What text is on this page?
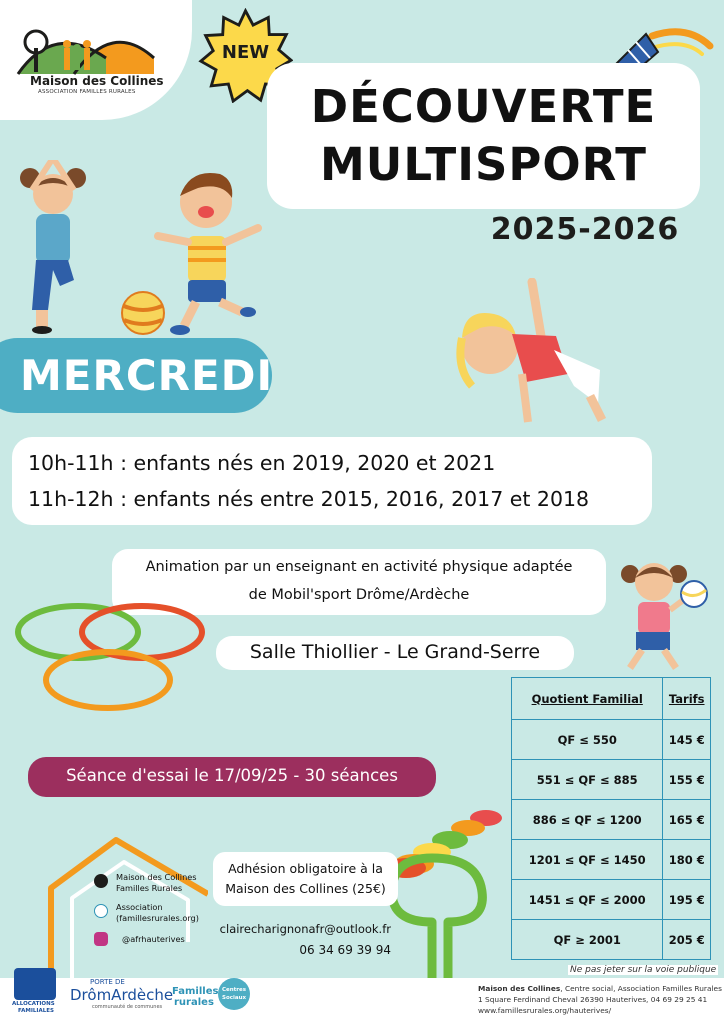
Maison des Collines
ASSOCIATION FAMILLES RURALES
NEW
DÉCOUVERTE
MULTISPORT
2025-2026
MERCREDI
10h-11h : enfants nés en 2019, 2020 et 2021
11h-12h : enfants nés entre 2015, 2016, 2017 et 2018
Animation par un enseignant en activité physique adaptée
de Mobil'sport Drôme/Ardèche
Salle Thiollier - Le Grand-Serre
Séance d'essai le 17/09/25 - 30 séances
Quotient Familial	Tarifs
QF ≤ 550	145 €
551 ≤ QF ≤ 885	155 €
886 ≤ QF ≤ 1200	165 €
1201 ≤ QF ≤ 1450	180 €
1451 ≤ QF ≤ 2000	195 €
QF ≥ 2001	205 €
Adhésion obligatoire à la
Maison des Collines (25€)
clairecharignonafr@outlook.fr
06 34 69 39 94
Maison des Collines
Familles Rurales
Association
(famillesrurales.org)
@afrhauterives
Ne pas jeter sur la voie publique
ALLOCATIONS
FAMILIALES
PORTE DE
DrômArdèche
communauté de communes
Familles
rurales
Centres
Sociaux
Maison des Collines, Centre social, Association Familles Rurales
1 Square Ferdinand Cheval 26390 Hauterives, 04 69 29 25 41
www.famillesrurales.org/hauterives/
